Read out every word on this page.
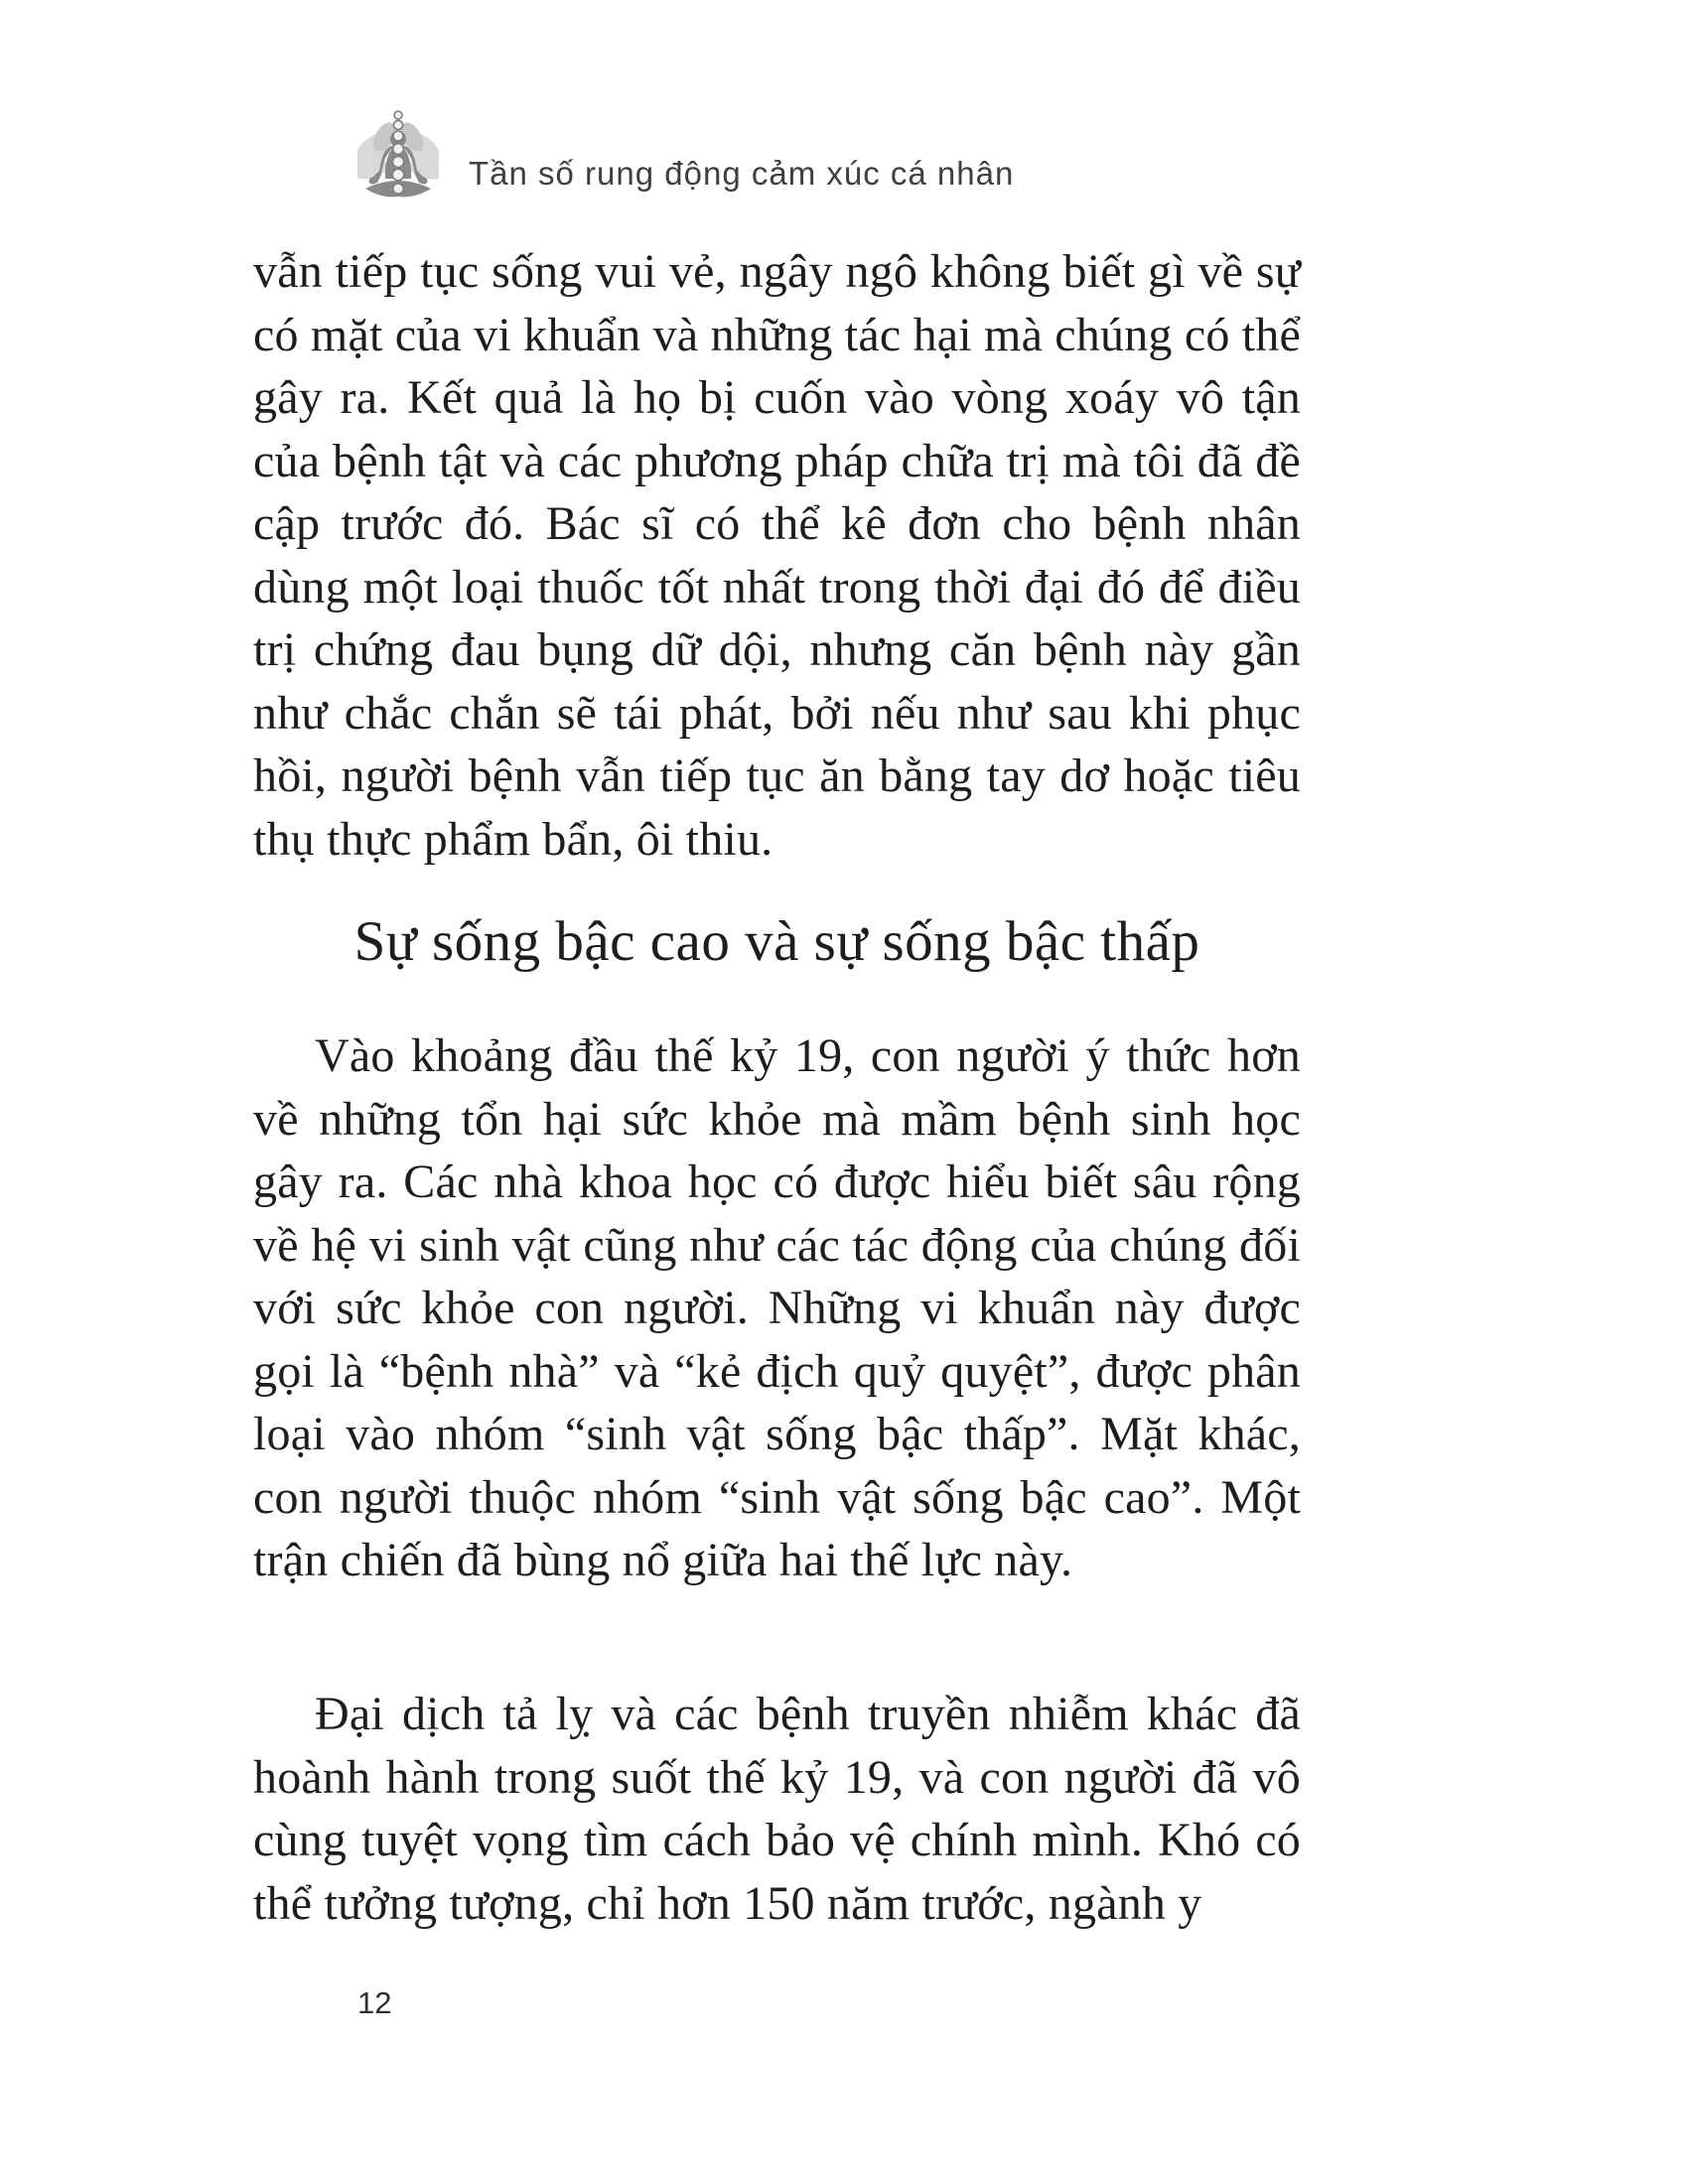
Tần số rung động cảm xúc cá nhân

vẫn tiếp tục sống vui vẻ, ngây ngô không biết gì về sự có mặt của vi khuẩn và những tác hại mà chúng có thể gây ra. Kết quả là họ bị cuốn vào vòng xoáy vô tận của bệnh tật và các phương pháp chữa trị mà tôi đã đề cập trước đó. Bác sĩ có thể kê đơn cho bệnh nhân dùng một loại thuốc tốt nhất trong thời đại đó để điều trị chứng đau bụng dữ dội, nhưng căn bệnh này gần như chắc chắn sẽ tái phát, bởi nếu như sau khi phục hồi, người bệnh vẫn tiếp tục ăn bằng tay dơ hoặc tiêu thụ thực phẩm bẩn, ôi thiu.

Sự sống bậc cao và sự sống bậc thấp

Vào khoảng đầu thế kỷ 19, con người ý thức hơn về những tổn hại sức khỏe mà mầm bệnh sinh học gây ra. Các nhà khoa học có được hiểu biết sâu rộng về hệ vi sinh vật cũng như các tác động của chúng đối với sức khỏe con người. Những vi khuẩn này được gọi là “bệnh nhà” và “kẻ địch quỷ quyệt”, được phân loại vào nhóm “sinh vật sống bậc thấp”. Mặt khác, con người thuộc nhóm “sinh vật sống bậc cao”. Một trận chiến đã bùng nổ giữa hai thế lực này.

Đại dịch tả lỵ và các bệnh truyền nhiễm khác đã hoành hành trong suốt thế kỷ 19, và con người đã vô cùng tuyệt vọng tìm cách bảo vệ chính mình. Khó có thể tưởng tượng, chỉ hơn 150 năm trước, ngành y

12
